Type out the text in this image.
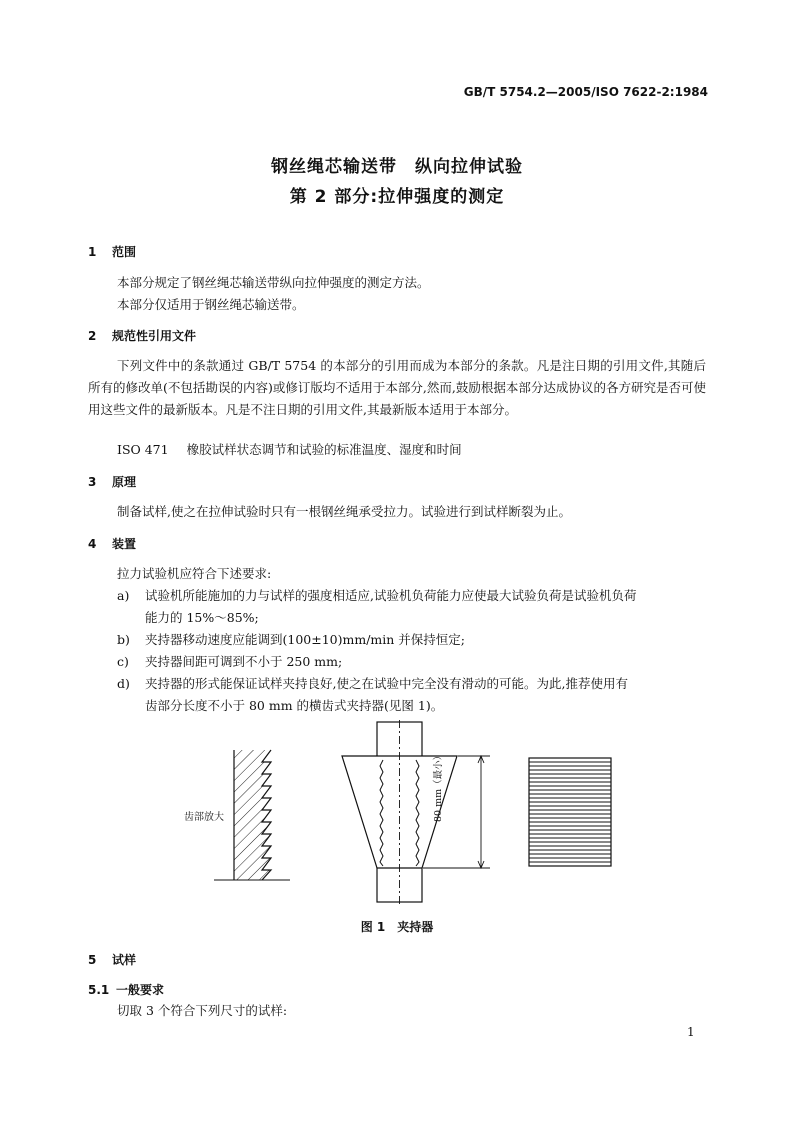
GB/T 5754.2—2005/ISO 7622-2:1984
钢丝绳芯输送带　纵向拉伸试验
第 2 部分:拉伸强度的测定
1 范围
本部分规定了钢丝绳芯输送带纵向拉伸强度的测定方法。
本部分仅适用于钢丝绳芯输送带。
2 规范性引用文件
下列文件中的条款通过 GB/T 5754 的本部分的引用而成为本部分的条款。凡是注日期的引用文件,其随后所有的修改单(不包括勘误的内容)或修订版均不适用于本部分,然而,鼓励根据本部分达成协议的各方研究是否可使用这些文件的最新版本。凡是不注日期的引用文件,其最新版本适用于本部分。
ISO 471 橡胶试样状态调节和试验的标准温度、湿度和时间
3 原理
制备试样,使之在拉伸试验时只有一根钢丝绳承受拉力。试验进行到试样断裂为止。
4 装置
拉力试验机应符合下述要求:
a) 试验机所能施加的力与试样的强度相适应,试验机负荷能力应使最大试验负荷是试验机负荷
能力的 15%～85%;
b) 夹持器移动速度应能调到(100±10)mm/min 并保持恒定;
c) 夹持器间距可调到不小于 250 mm;
d) 夹持器的形式能保证试样夹持良好,使之在试验中完全没有滑动的可能。为此,推荐使用有
齿部分长度不小于 80 mm 的横齿式夹持器(见图 1)。
齿部放大	80 mm（最小）
图 1　夹持器
5 试样
5.1 一般要求
切取 3 个符合下列尺寸的试样:
1
